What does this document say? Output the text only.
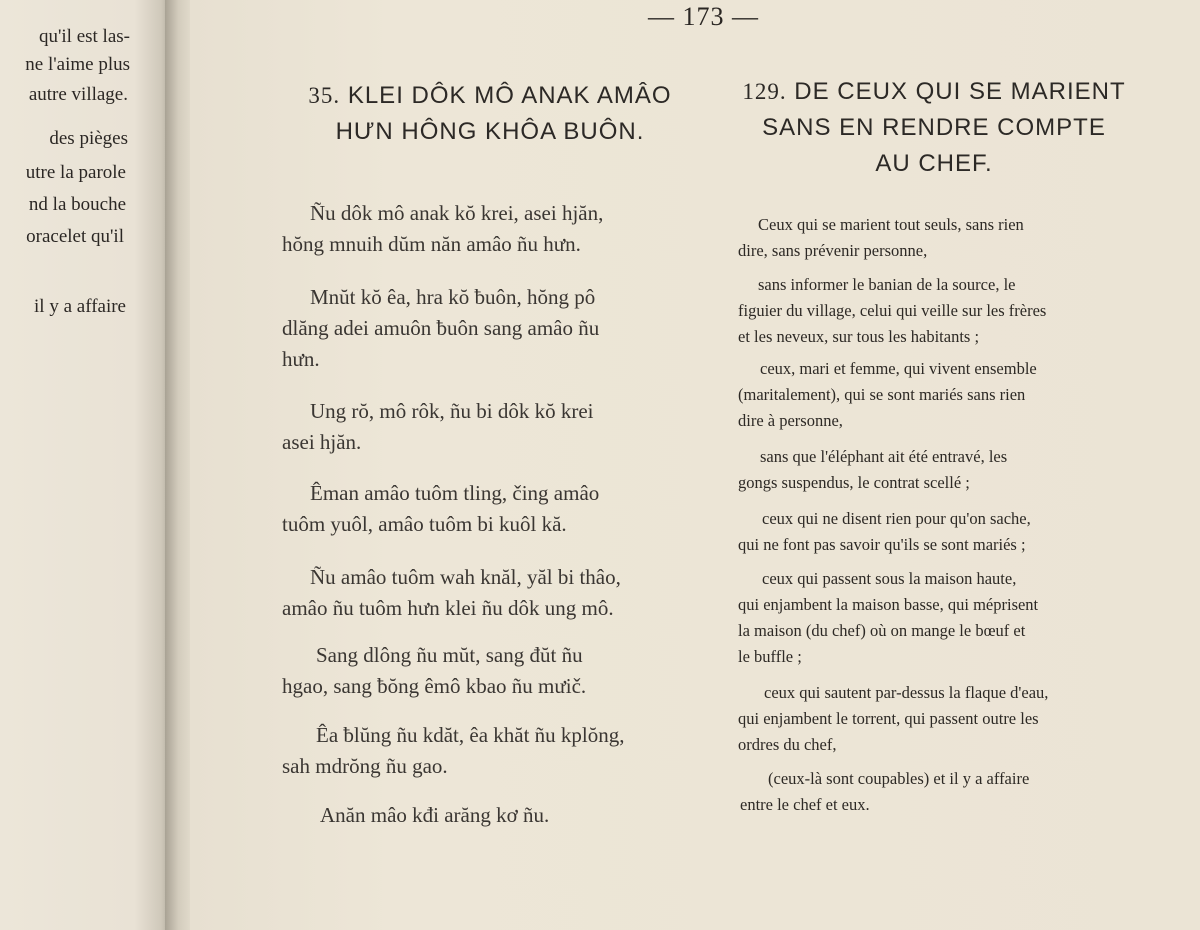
qu'il est las-
ne l'aime plus
autre village.
des pièges
utre la parole
nd la bouche
oracelet qu'il
il y a affaire
— 173 —
35. KLEI DÔK MÔ ANAK AMÂO
HƯN HÔNG KHÔA BUÔN.
129. DE CEUX QUI SE MARIENT
SANS EN RENDRE COMPTE
AU CHEF.
Ñu dôk mô anak kŏ krei, asei hjăn,
hŏng mnuih dŭm năn amâo ñu hưn.
Mnŭt kŏ êa, hra kŏ ƀuôn, hŏng pô
dlăng adei amuôn ƀuôn sang amâo ñu
hưn.
Ung rŏ, mô rôk, ñu bi dôk kŏ krei
asei hjăn.
Êman amâo tuôm tling, čing amâo
tuôm yuôl, amâo tuôm bi kuôl kă.
Ñu amâo tuôm wah knăl, yăl bi thâo,
amâo ñu tuôm hưn klei ñu dôk ung mô.
Sang dlông ñu mŭt, sang đŭt ñu
hgao, sang ƀŏng êmô kbao ñu mưič.
Êa ƀlŭng ñu kdăt, êa khăt ñu kplŏng,
sah mdrŏng ñu gao.
Anăn mâo kđi arăng kơ ñu.
Ceux qui se marient tout seuls, sans rien
dire, sans prévenir personne,
sans informer le banian de la source, le
figuier du village, celui qui veille sur les frères
et les neveux, sur tous les habitants ;
ceux, mari et femme, qui vivent ensemble
(maritalement), qui se sont mariés sans rien
dire à personne,
sans que l'éléphant ait été entravé, les
gongs suspendus, le contrat scellé ;
ceux qui ne disent rien pour qu'on sache,
qui ne font pas savoir qu'ils se sont mariés ;
ceux qui passent sous la maison haute,
qui enjambent la maison basse, qui méprisent
la maison (du chef) où on mange le bœuf et
le buffle ;
ceux qui sautent par-dessus la flaque d'eau,
qui enjambent le torrent, qui passent outre les
ordres du chef,
(ceux-là sont coupables) et il y a affaire
entre le chef et eux.
